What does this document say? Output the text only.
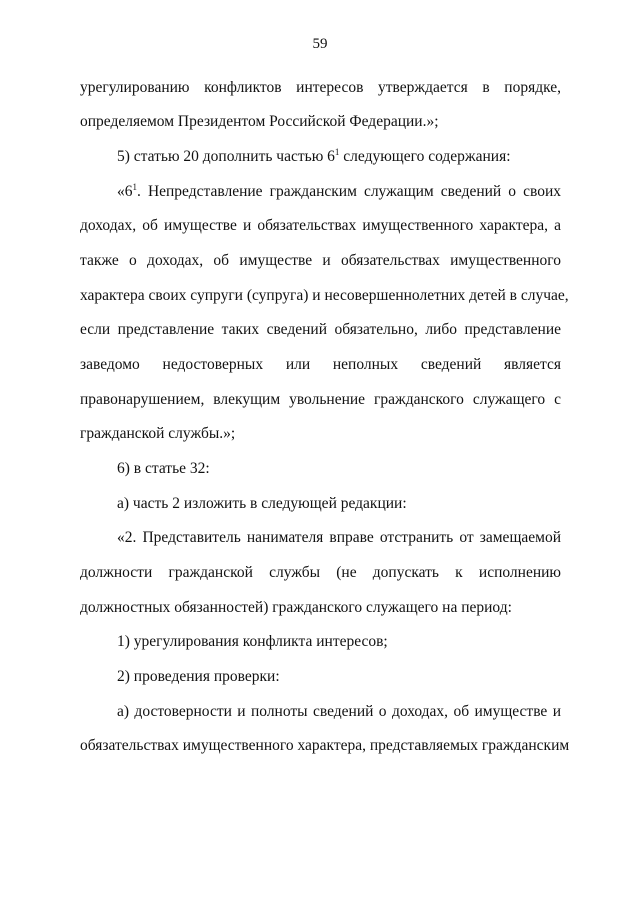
59
урегулированию конфликтов интересов утверждается в порядке,
определяемом Президентом Российской Федерации.»;
5) статью 20 дополнить частью $6^1$ следующего содержания:
«$6^1$. Непредставление гражданским служащим сведений о своих
доходах, об имуществе и обязательствах имущественного характера, а
также о доходах, об имуществе и обязательствах имущественного
характера своих супруги (супруга) и несовершеннолетних детей в случае,
если представление таких сведений обязательно, либо представление
заведомо недостоверных или неполных сведений является
правонарушением, влекущим увольнение гражданского служащего с
гражданской службы.»;
6) в статье 32:
а) часть 2 изложить в следующей редакции:
«2. Представитель нанимателя вправе отстранить от замещаемой
должности гражданской службы (не допускать к исполнению
должностных обязанностей) гражданского служащего на период:
1) урегулирования конфликта интересов;
2) проведения проверки:
а) достоверности и полноты сведений о доходах, об имуществе и
обязательствах имущественного характера, представляемых гражданским
